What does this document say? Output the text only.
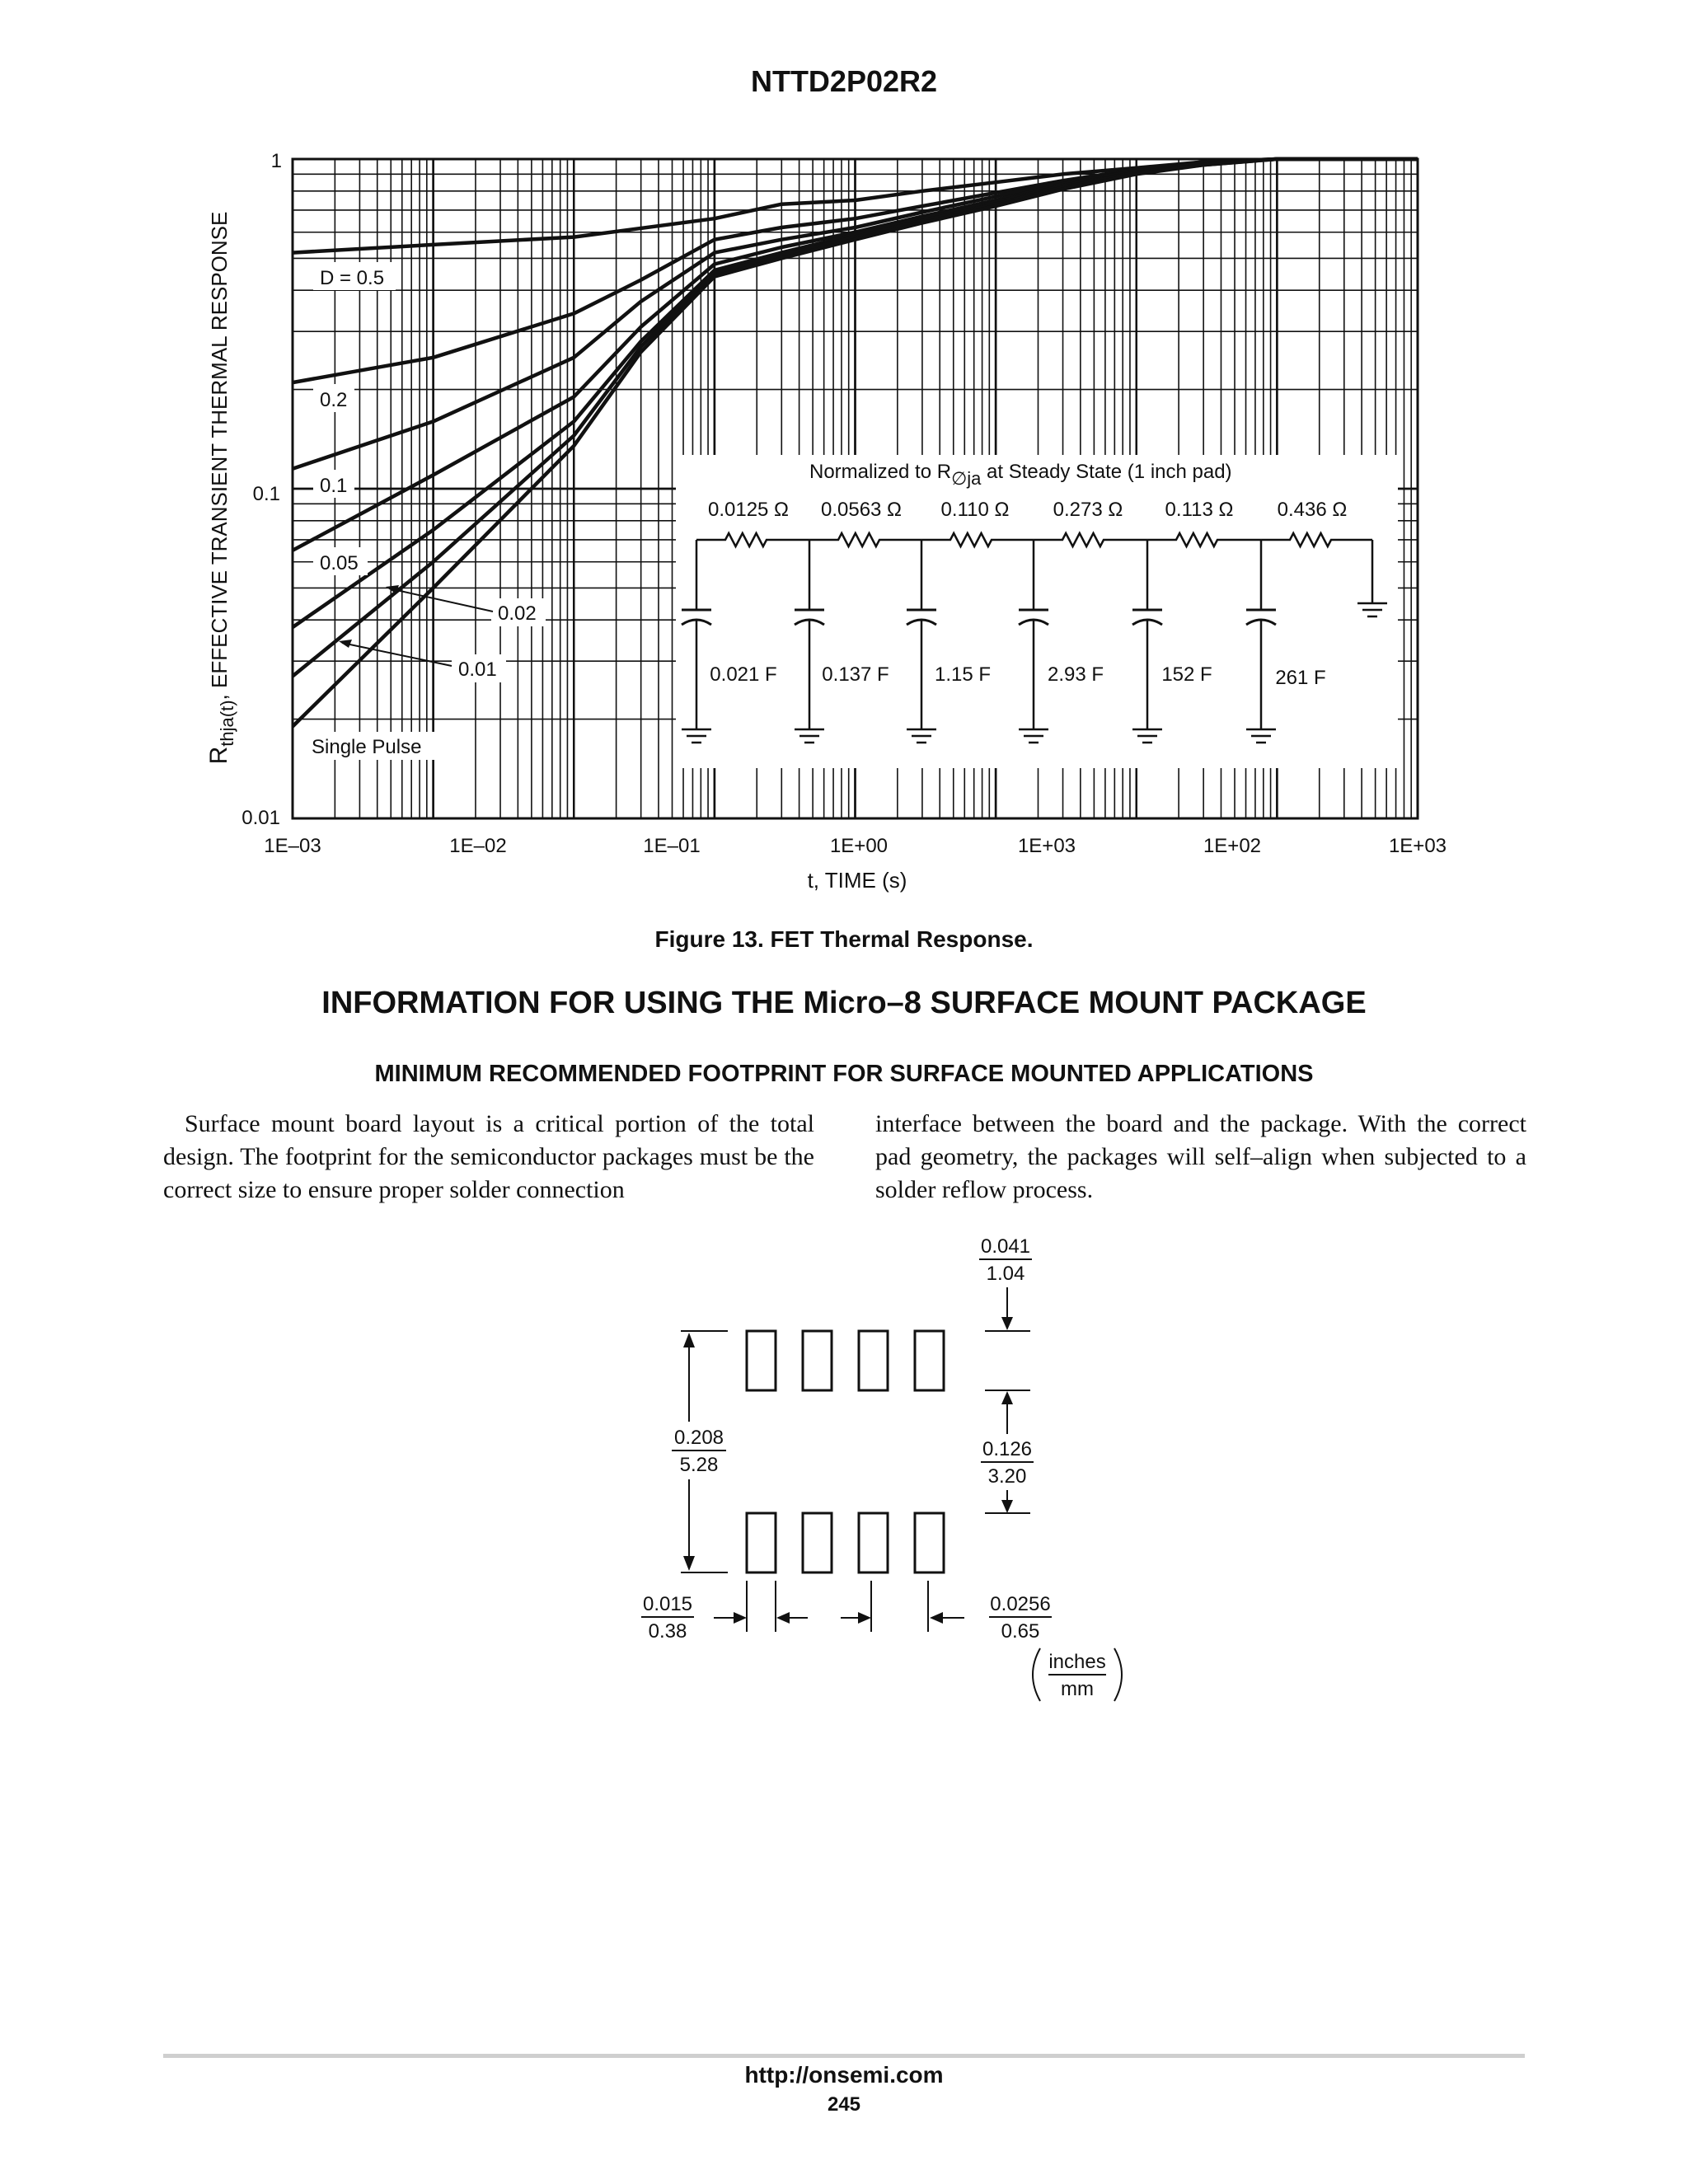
NTTD2P02R2
1
0.1
0.01
1E–03	1E–02	1E–01	1E+00	1E+03	1E+02	1E+03
t, TIME (s)
$R_{thja(t)}$, EFFECTIVE TRANSIENT THERMAL RESPONSE	D = 0.5
0.2
0.1
0.05
0.02
0.01
Single Pulse
Normalized to R∅ja at Steady State (1 inch pad)
0.0125 Ω 0.0563 Ω 0.110 Ω 0.273 Ω 0.113 Ω 0.436 Ω
0.021 F 0.137 F 1.15 F	2.93 F	152 F	261 F
0.208
5.28
0.041
1.04
0.126
3.20
0.015
0.38
0.0256
0.65
inches
mm
Figure 13. FET Thermal Response.
INFORMATION FOR USING THE Micro–8 SURFACE MOUNT PACKAGE
MINIMUM RECOMMENDED FOOTPRINT FOR SURFACE MOUNTED APPLICATIONS
Surface mount board layout is a critical portion of the total design. The footprint for the semiconductor packages must be the correct size to ensure proper solder connection
interface between the board and the package. With the correct pad geometry, the packages will self–align when subjected to a solder reflow process.
http://onsemi.com
245
